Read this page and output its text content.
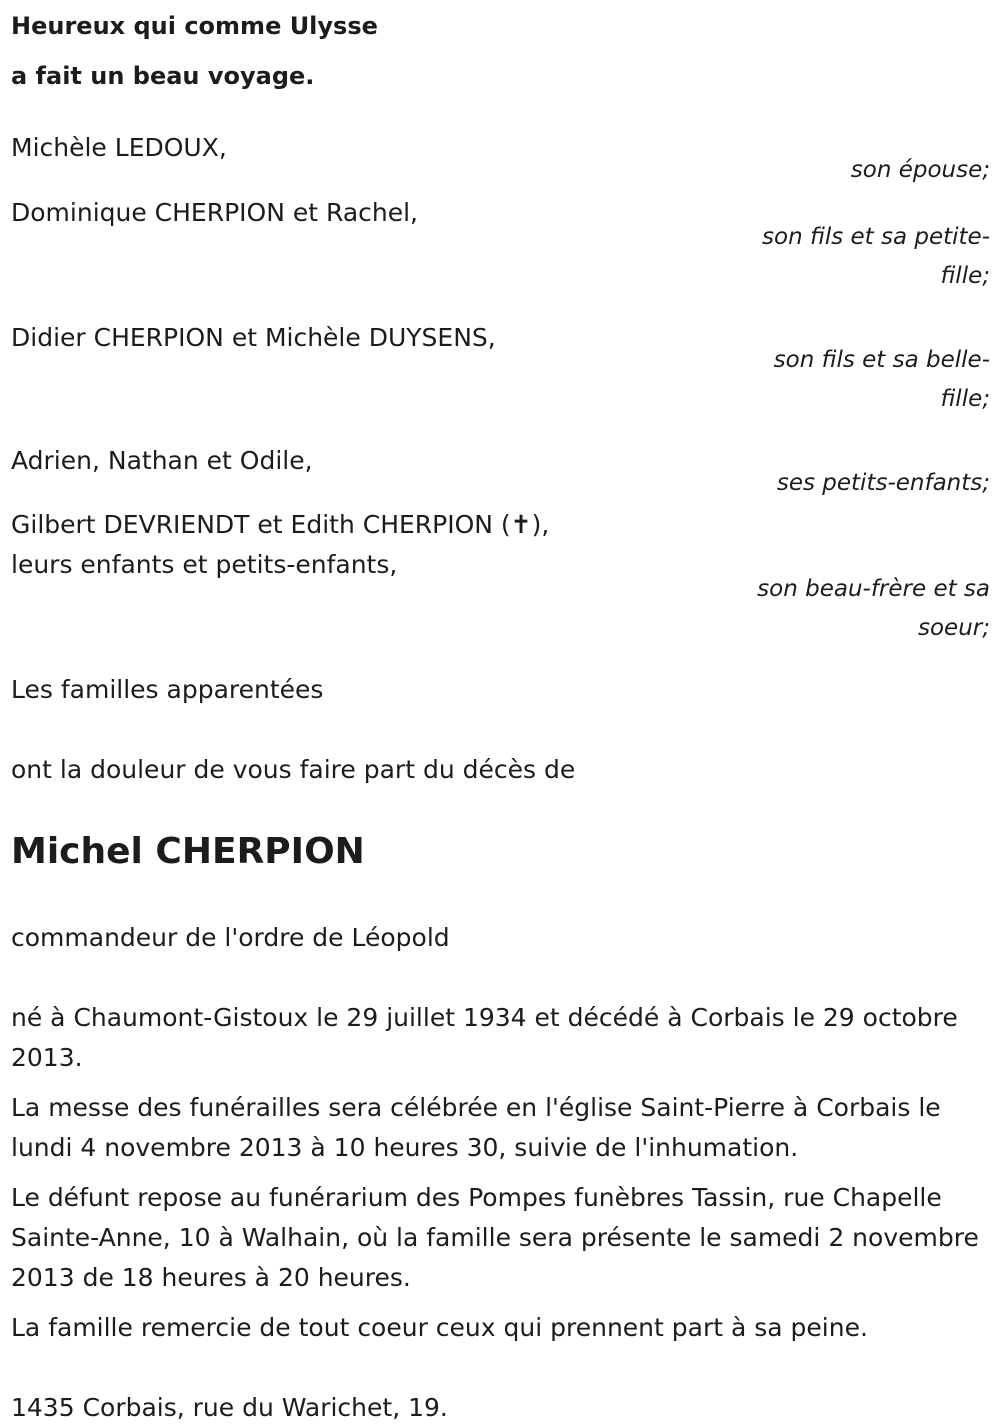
Heureux qui comme Ulysse
a fait un beau voyage.
Michèle LEDOUX,
son épouse;
Dominique CHERPION et Rachel,
son fils et sa petite-fille;
Didier CHERPION et Michèle DUYSENS,
son fils et sa belle-fille;
Adrien, Nathan et Odile,
ses petits-enfants;
Gilbert DEVRIENDT et Edith CHERPION (✝),
leurs enfants et petits-enfants,
son beau-frère et sa soeur;
Les familles apparentées
ont la douleur de vous faire part du décès de
Michel CHERPION
commandeur de l'ordre de Léopold

né à Chaumont-Gistoux le 29 juillet 1934 et décédé à Corbais le 29 octobre 2013.

La messe des funérailles sera célébrée en l'église Saint-Pierre à Corbais le lundi 4 novembre 2013 à 10 heures 30, suivie de l'inhumation.

Le défunt repose au funérarium des Pompes funèbres Tassin, rue Chapelle Sainte-Anne, 10 à Walhain, où la famille sera présente le samedi 2 novembre 2013 de 18 heures à 20 heures.

La famille remercie de tout coeur ceux qui prennent part à sa peine.

1435 Corbais, rue du Warichet, 19.
